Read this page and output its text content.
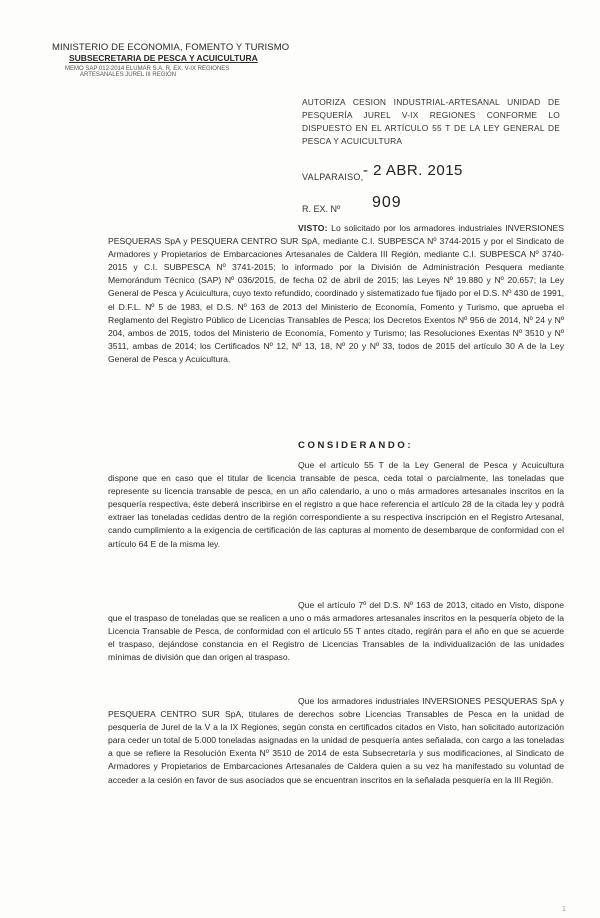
MINISTERIO DE ECONOMIA, FOMENTO Y TURISMO
SUBSECRETARIA DE PESCA Y ACUICULTURA
MEMO SAP 012-2014 ELUMAR S.A. R. EX. V-IX REGIONES
ARTESANALES JUREL III REGIÓN
AUTORIZA CESION INDUSTRIAL-ARTESANAL UNIDAD DE PESQUERÍA JUREL V-IX REGIONES CONFORME LO DISPUESTO EN EL ARTÍCULO 55 T DE LA LEY GENERAL DE PESCA Y ACUICULTURA
VALPARAISO, - 2 ABR. 2015
R. EX. Nº 909
VISTO: Lo solicitado por los armadores industriales INVERSIONES PESQUERAS SpA y PESQUERA CENTRO SUR SpA, mediante C.I. SUBPESCA Nº 3744-2015 y por el Sindicato de Armadores y Propietarios de Embarcaciones Artesanales de Caldera III Región, mediante C.I. SUBPESCA Nº 3740-2015 y C.I. SUBPESCA Nº 3741-2015; lo informado por la División de Administración Pesquera mediante Memorándum Técnico (SAP) Nº 036/2015, de fecha 02 de abril de 2015; las Leyes Nº 19.880 y Nº 20.657; la Ley General de Pesca y Acuicultura, cuyo texto refundido, coordinado y sistematizado fue fijado por el D.S. Nº 430 de 1991, el D.F.L. Nº 5 de 1983, el D.S. Nº 163 de 2013 del Ministerio de Economía, Fomento y Turismo, que aprueba el Reglamento del Registro Público de Licencias Transables de Pesca; los Decretos Exentos Nº 956 de 2014, Nº 24 y Nº 204, ambos de 2015, todos del Ministerio de Economía, Fomento y Turismo; las Resoluciones Exentas Nº 3510 y Nº 3511, ambas de 2014; los Certificados Nº 12, Nº 13, 18, Nº 20 y Nº 33, todos de 2015 del artículo 30 A de la Ley General de Pesca y Acuicultura.
CONSIDERANDO:
Que el artículo 55 T de la Ley General de Pesca y Acuicultura dispone que en caso que el titular de licencia transable de pesca, ceda total o parcialmente, las toneladas que represente su licencia transable de pesca, en un año calendario, a uno o más armadores artesanales inscritos en la pesquería respectiva, éste deberá inscribirse en el registro a que hace referencia el artículo 28 de la citada ley y podrá extraer las toneladas cedidas dentro de la región correspondiente a su respectiva inscripción en el Registro Artesanal, cando cumplimiento a la exigencia de certificación de las capturas al momento de desembarque de conformidad con el artículo 64 E de la misma ley.
Que el artículo 7º del D.S. Nº 163 de 2013, citado en Visto, dispone que el traspaso de toneladas que se realicen a uno o más armadores artesanales inscritos en la pesquería objeto de la Licencia Transable de Pesca, de conformidad con el artículo 55 T antes citado, regirán para el año en que se acuerde el traspaso, dejándose constancia en el Registro de Licencias Transables de la individualización de las unidades mínimas de división que dan origen al traspaso.
Que los armadores industriales INVERSIONES PESQUERAS SpA y PESQUERA CENTRO SUR SpA, titulares de derechos sobre Licencias Transables de Pesca en la unidad de pesquería de Jurel de la V a la IX Regiones, según consta en certificados citados en Visto, han solicitado autorización para ceder un total de 5.000 toneladas asignadas en la unidad de pesquería antes señalada, con cargo a las toneladas a que se refiere la Resolución Exenta Nº 3510 de 2014 de esta Subsecretaría y sus modificaciones, al Sindicato de Armadores y Propietarios de Embarcaciones Artesanales de Caldera quien a su vez ha manifestado su voluntad de acceder a la cesión en favor de sus asociados que se encuentran inscritos en la señalada pesquería en la III Región.
1
